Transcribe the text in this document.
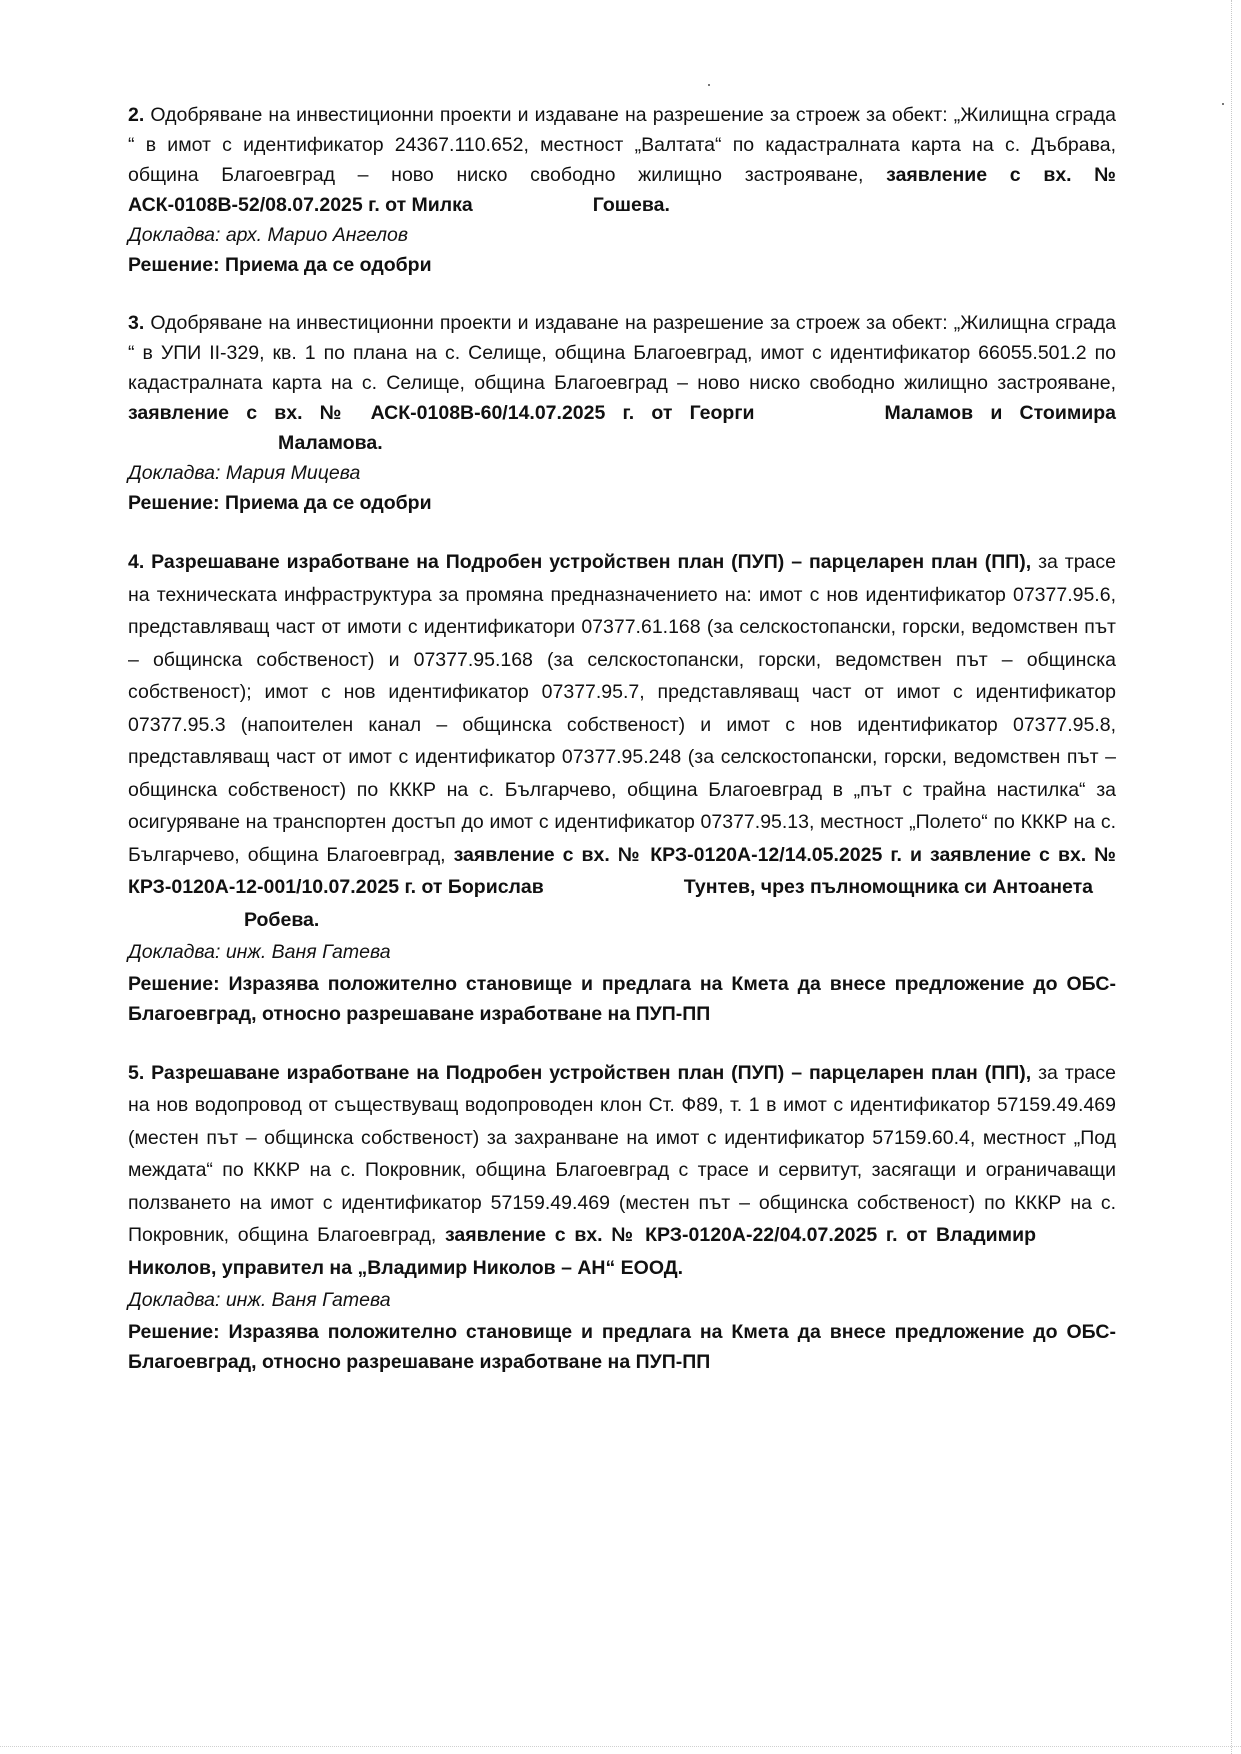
2. Одобряване на инвестиционни проекти и издаване на разрешение за строеж за обект: „Жилищна сграда “ в имот с идентификатор 24367.110.652, местност „Валтата“ по кадастралната карта на с. Дъбрава, община Благоевград – ново ниско свободно жилищно застрояване, заявление с вх. № АСК-0108В-52/08.07.2025 г. от Милка	Гошева.

Докладва: арх. Марио Ангелов

Решение: Приема да се одобри

3. Одобряване на инвестиционни проекти и издаване на разрешение за строеж за обект: „Жилищна сграда “ в УПИ II-329, кв. 1 по плана на с. Селище, община Благоевград, имот с идентификатор 66055.501.2 по кадастралната карта на с. Селище, община Благоевград – ново ниско свободно жилищно застрояване, заявление с вх. № АСК-0108В-60/14.07.2025 г. от Георги	Маламов и СтоимираМаламова.

Докладва: Мария Мицева

Решение: Приема да се одобри

4. Разрешаване изработване на Подробен устройствен план (ПУП) – парцеларен план (ПП), за трасе на техническата инфраструктура за промяна предназначението на: имот с нов идентификатор 07377.95.6, представляващ част от имоти с идентификатори 07377.61.168 (за селскостопански, горски, ведомствен път – общинска собственост) и 07377.95.168 (за селскостопански, горски, ведомствен път – общинска собственост); имот с нов идентификатор 07377.95.7, представляващ част от имот с идентификатор 07377.95.3 (напоителен канал – общинска собственост) и имот с нов идентификатор 07377.95.8, представляващ част от имот с идентификатор 07377.95.248 (за селскостопански, горски, ведомствен път – общинска собственост) по КККР на с. Българчево, община Благоевград в „път с трайна настилка“ за осигуряване на транспортен достъп до имот с идентификатор 07377.95.13, местност „Полето“ по КККР на с. Българчево, община Благоевград, заявление с вх. № КРЗ-0120А-12/14.05.2025 г. и заявление с вх. № КРЗ-0120А-12-001/10.07.2025 г. от Борислав	Тунтев, чрез пълномощника си Антоанета

Робева.

Докладва: инж. Ваня Гатева

Решение: Изразява положително становище и предлага на Кмета да внесе предложение до ОБС-Благоевград, относно разрешаване изработване на ПУП-ПП

5. Разрешаване изработване на Подробен устройствен план (ПУП) – парцеларен план (ПП), за трасе на нов водопровод от съществуващ водопроводен клон Ст. Ф89, т. 1 в имот с идентификатор 57159.49.469 (местен път – общинска собственост) за захранване на имот с идентификатор 57159.60.4, местност „Под междата“ по КККР на с. Покровник, община Благоевград с трасе и сервитут, засягащи и ограничаващи ползването на имот с идентификатор 57159.49.469 (местен път – общинска собственост) по КККР на с. Покровник, община Благоевград, заявление с вх. № КРЗ-0120А-22/04.07.2025 г. от ВладимирНиколов, управител на „Владимир Николов – АН“ ЕООД.

Докладва: инж. Ваня Гатева

Решение: Изразява положително становище и предлага на Кмета да внесе предложение до ОБС-Благоевград, относно разрешаване изработване на ПУП-ПП
